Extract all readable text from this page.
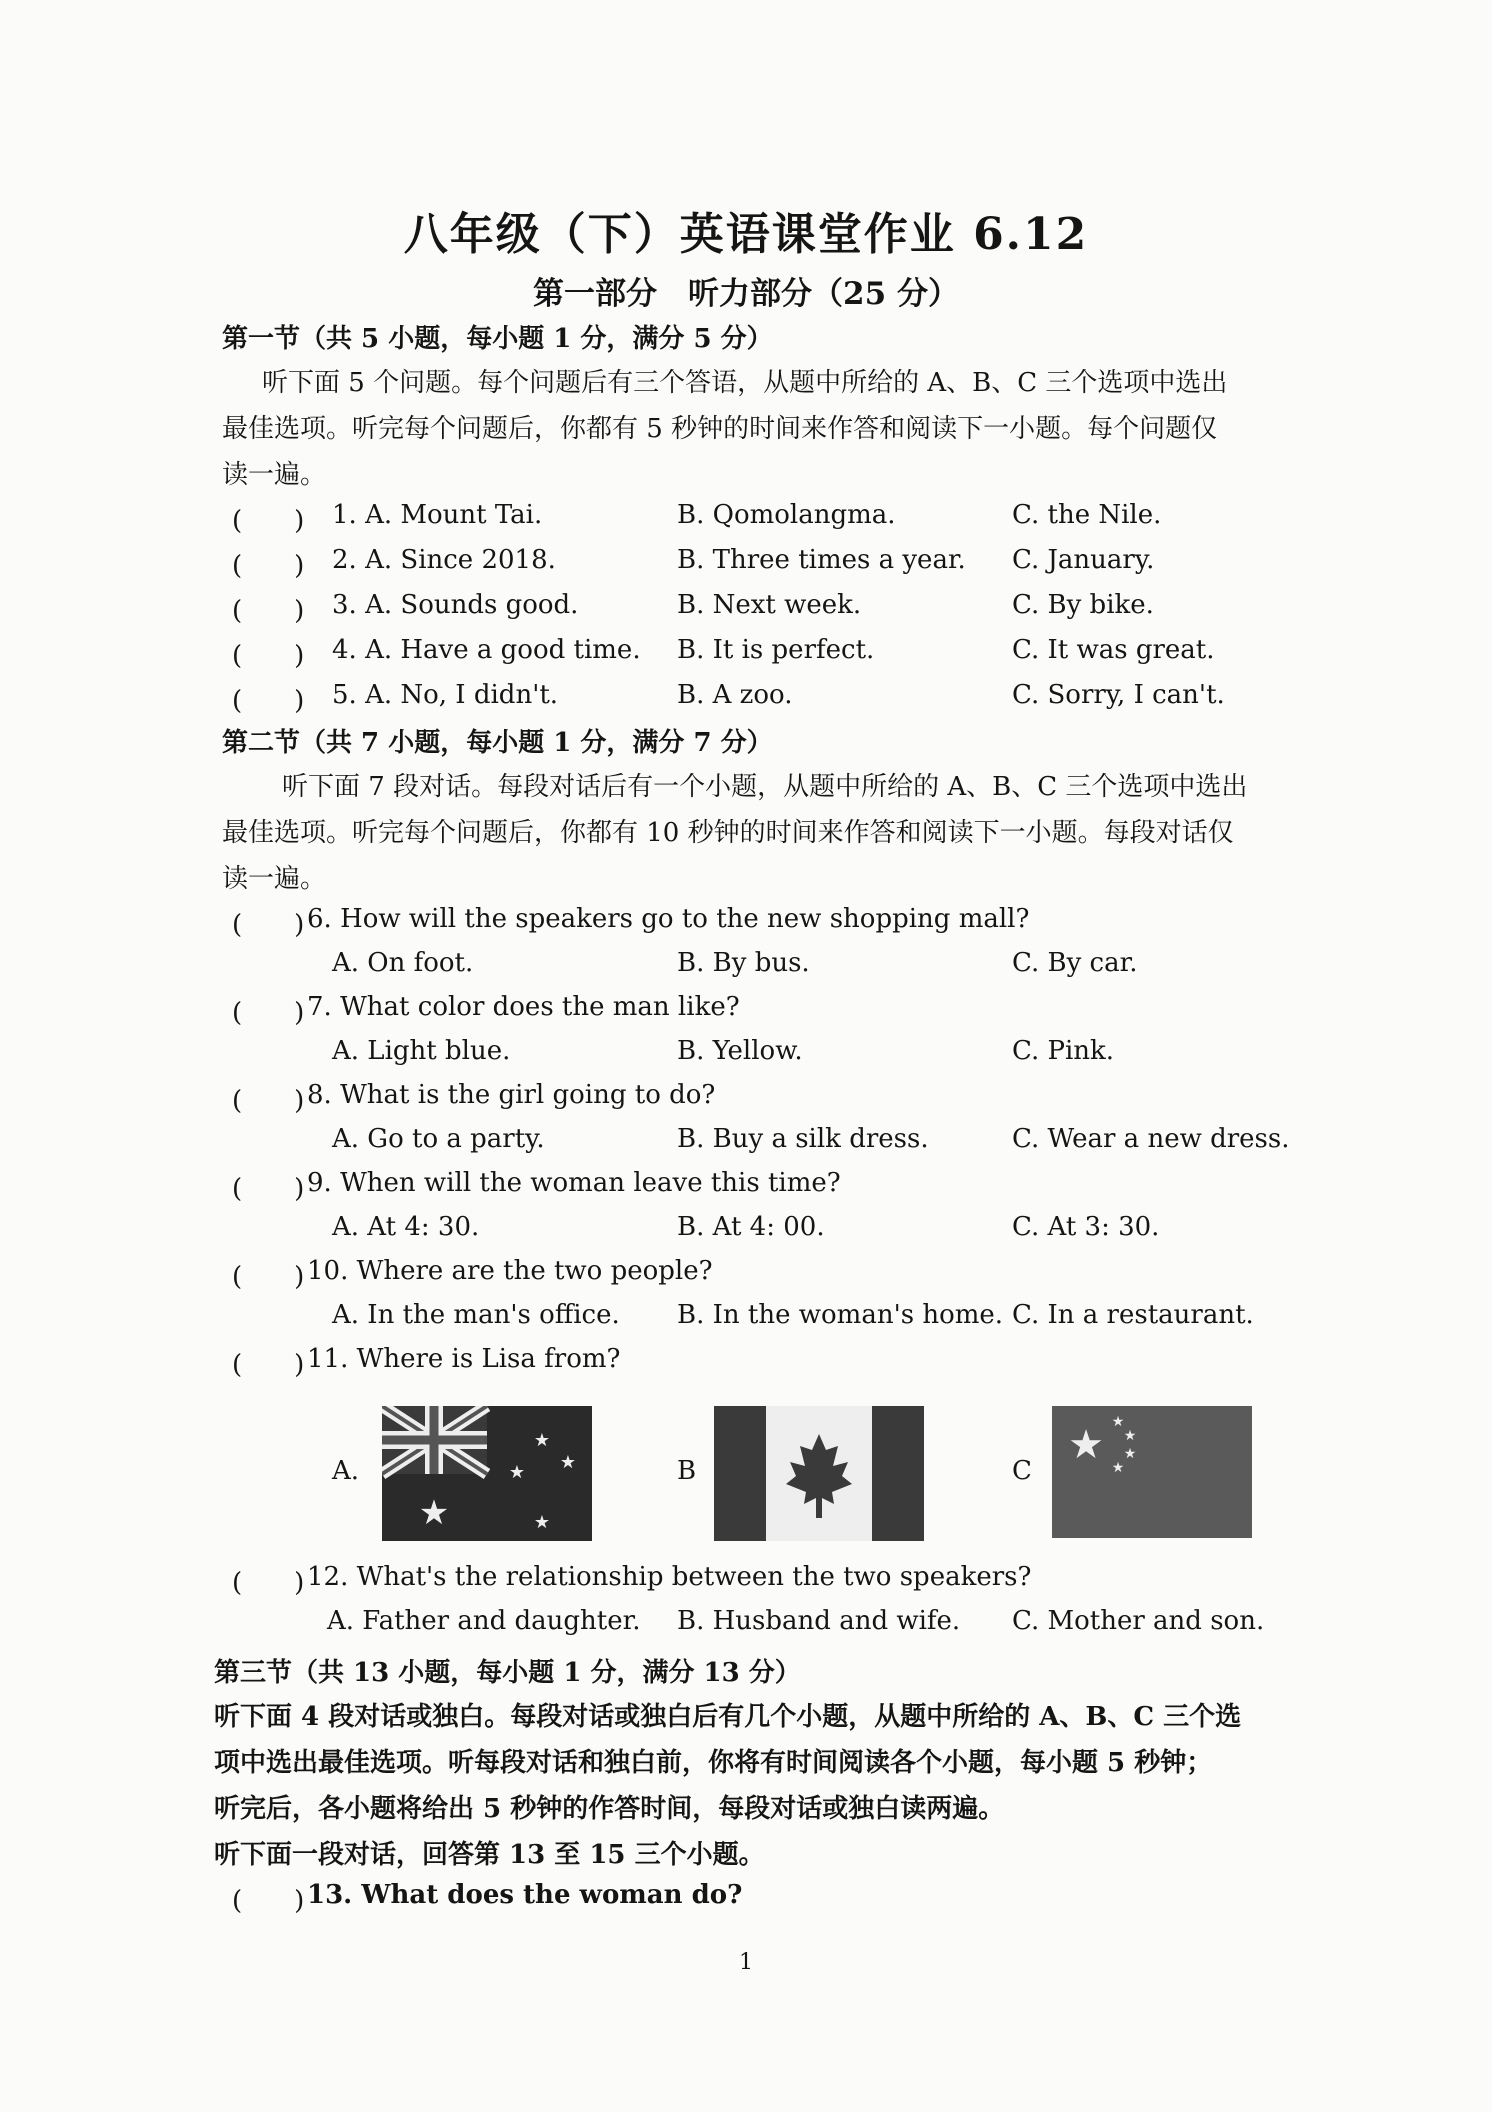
八年级（下）英语课堂作业 6.12
第一部分　听力部分（25 分）
第一节（共 5 小题，每小题 1 分，满分 5 分）
听下面 5 个问题。每个问题后有三个答语，从题中所给的 A、B、C 三个选项中选出
最佳选项。听完每个问题后，你都有 5 秒钟的时间来作答和阅读下一小题。每个问题仅
读一遍。
(　　) 1. A. Mount Tai.	B. Qomolangma.	C. the Nile.
(　　) 2. A. Since 2018.	B. Three times a year. C. January.
(　　) 3. A. Sounds good.	B. Next week.	C. By bike.
(　　) 4. A. Have a good time. B. It is perfect.	C. It was great.
(　　) 5. A. No, I didn't.	B. A zoo.	C. Sorry, I can't.
第二节（共 7 小题，每小题 1 分，满分 7 分）
听下面 7 段对话。每段对话后有一个小题，从题中所给的 A、B、C 三个选项中选出
最佳选项。听完每个问题后，你都有 10 秒钟的时间来作答和阅读下一小题。每段对话仅
读一遍。
(　　) 6. How will the speakers go to the new shopping mall?
A. On foot.	B. By bus.	C. By car.
(　　) 7. What color does the man like?
A. Light blue.	B. Yellow.	C. Pink.
(　　) 8. What is the girl going to do?
A. Go to a party.	B. Buy a silk dress.	C. Wear a new dress.
(　　) 9. When will the woman leave this time?
A. At 4: 30.	B. At 4: 00.	C. At 3: 30.
(　　) 10. Where are the two people?
A. In the man's office. B. In the woman's home. C. In a restaurant.
(　　) 11. Where is Lisa from?
A.
★
★
★ ★
★
B	C
★ ★
★
★
★
(　　) 12. What's the relationship between the two speakers?
A. Father and daughter. B. Husband and wife. C. Mother and son.
第三节（共 13 小题，每小题 1 分，满分 13 分）
听下面 4 段对话或独白。每段对话或独白后有几个小题，从题中所给的 A、B、C 三个选
项中选出最佳选项。听每段对话和独白前，你将有时间阅读各个小题，每小题 5 秒钟；
听完后，各小题将给出 5 秒钟的作答时间，每段对话或独白读两遍。
听下面一段对话，回答第 13 至 15 三个小题。
(　　) 13. What does the woman do?
1
